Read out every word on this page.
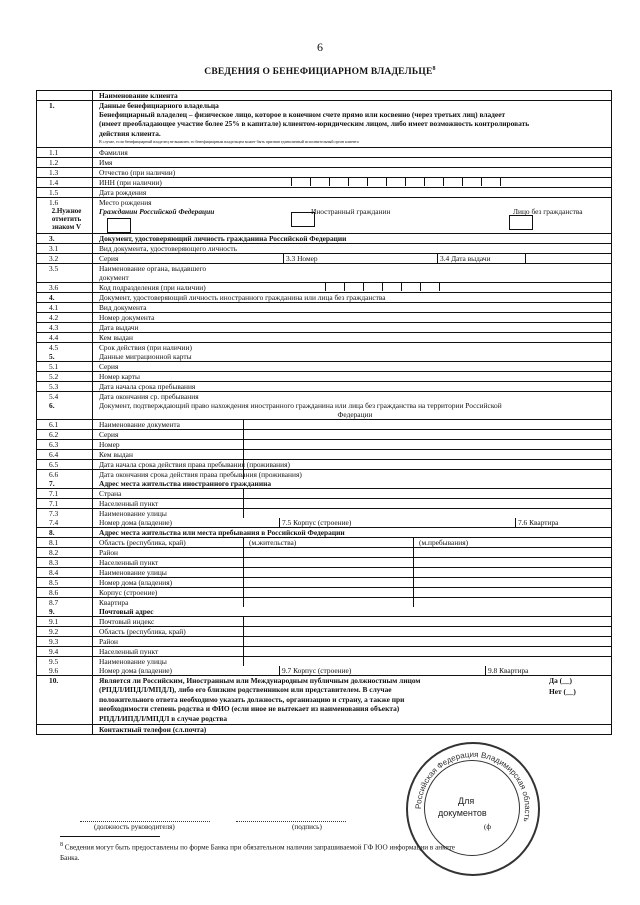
6
СВЕДЕНИЯ О БЕНЕФИЦИАРНОМ ВЛАДЕЛЬЦЕ$^8$
Наименование клиента
1.	Данные бенефициарного владельца
Бенефициарный владелец – физическое лицо, которое в конечном счете прямо или косвенно (через третьих лиц) владеет
(имеет преобладающее участие более 25% в капитале) клиентом-юридическим лицом, либо имеет возможность контролировать
действия клиента.
В случае, если бенефициарный владелец не выявлен, то бенефициарным владельцем может быть признан единоличный исполнительный орган клиента
1.1	Фамилия
1.2	Имя
1.3	Отчество (при наличии)
1.4	ИНН (при наличии)
1.5	Дата рождения
1.6	Место рождения
2.Нужное отметить знаком V
Гражданин Российской Федерации	Иностранный гражданин	Лицо без гражданства
3.	Документ, удостоверяющий личность гражданина Российской Федерации
3.1	Вид документа, удостоверяющего личность
3.2	Серия	3.3 Номер	3.4 Дата выдачи
3.5	Наименование органа, выдавшего документ
3.6	Код подразделения (при наличии)
4.	Документ, удостоверяющий личность иностранного гражданина или лица без гражданства
4.1	Вид документа
4.2	Номер документа
4.3	Дата выдачи
4.4	Кем выдан
4.5	Срок действия (при наличии)
5.	Данные миграционной карты
5.1	Серия
5.2	Номер карты
5.3	Дата начала срока пребывания
5.4	Дата окончания ср. пребывания
6.	Документ, подтверждающий право нахождения иностранного гражданина или лица без гражданства на территории Российской
Федерации
6.1	Наименование документа
6.2	Серия
6.3	Номер
6.4	Кем выдан
6.5	Дата начала срока действия права пребывания (проживания)
6.6	Дата окончания срока действия права пребывания (проживания)
7.	Адрес места жительства иностранного гражданина
7.1	Страна
7.1	Населенный пункт
7.3	Наименование улицы
7.4	Номер дома (владение)	7.5 Корпус (строение)	7.6 Квартира
8.	Адрес места жительства или места пребывания в Российской Федерации
8.1	Область (республика, край)	(м.жительства)	(м.пребывания)
8.2	Район
8.3	Населенный пункт
8.4	Наименование улицы
8.5	Номер дома (владения)
8.6	Корпус (строение)
8.7	Квартира
9.	Почтовый адрес
9.1	Почтовый индекс
9.2	Область (республика, край)
9.3	Район
9.4	Населенный пункт
9.5	Наименование улицы
9.6	Номер дома (владение)	9.7 Корпус (строение)	9.8 Квартира
10.	Является ли Российским, Иностранным или Международным публичным должностным лицом
(РПДЛ/ИПДЛ/МПДЛ), либо его близким родственником или представителем. В случае
положительного ответа необходимо указать должность, организацию и страну, а также при
необходимости степень родства и ФИО (если иное не вытекает из наименования объекта)
РПДЛ/ИПДЛ/МПДЛ в случае родства
Да (__)
Нет (__)
Контактный телефон (сл.почта)
(должность руководителя)	(подпись)	(ф
$^8$ Сведения могут быть предоставлены по форме Банка при обязательном наличии запрашиваемой ГФ ЮО информации в анкете
Банка.
Российская Федерация Владимирская область
Для
документов
